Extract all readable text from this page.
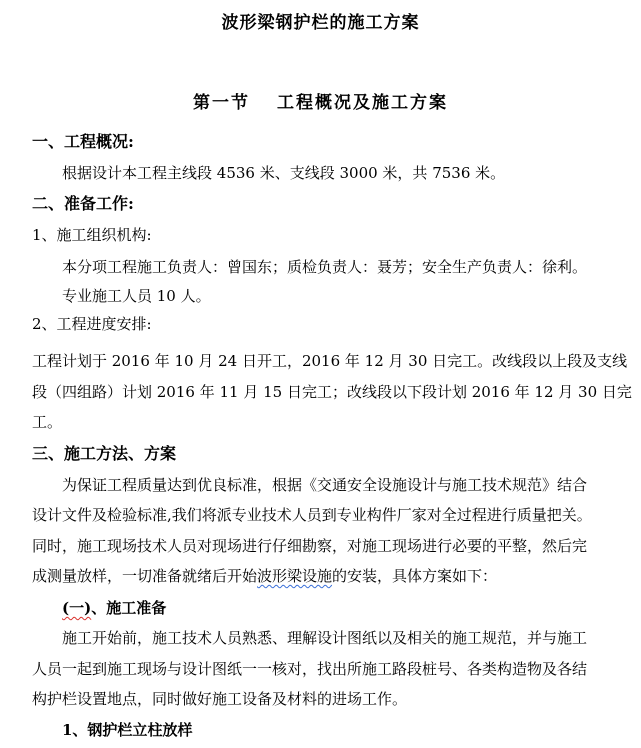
波形梁钢护栏的施工方案
第一节　 工程概况及施工方案
一、工程概况:
根据设计本工程主线段 4536 米、支线段 3000 米，共 7536 米。
二、准备工作:
1、施工组织机构:
本分项工程施工负责人：曾国东；质检负责人：聂芳；安全生产负责人：徐利。
专业施工人员 10 人。
2、工程进度安排:
工程计划于 2016 年 10 月 24 日开工，2016 年 12 月 30 日完工。改线段以上段及支线
段（四组路）计划 2016 年 11 月 15 日完工；改线段以下段计划 2016 年 12 月 30 日完
工。
三、施工方法、方案
为保证工程质量达到优良标准，根据《交通安全设施设计与施工技术规范》结合
设计文件及检验标准,我们将派专业技术人员到专业构件厂家对全过程进行质量把关。
同时，施工现场技术人员对现场进行仔细勘察，对施工现场进行必要的平整，然后完
成测量放样，一切准备就绪后开始波形梁设施的安装，具体方案如下：
(一)、施工准备
施工开始前，施工技术人员熟悉、理解设计图纸以及相关的施工规范，并与施工
人员一起到施工现场与设计图纸一一核对，找出所施工路段桩号、各类构造物及各结
构护栏设置地点，同时做好施工设备及材料的进场工作。
1、钢护栏立柱放样
